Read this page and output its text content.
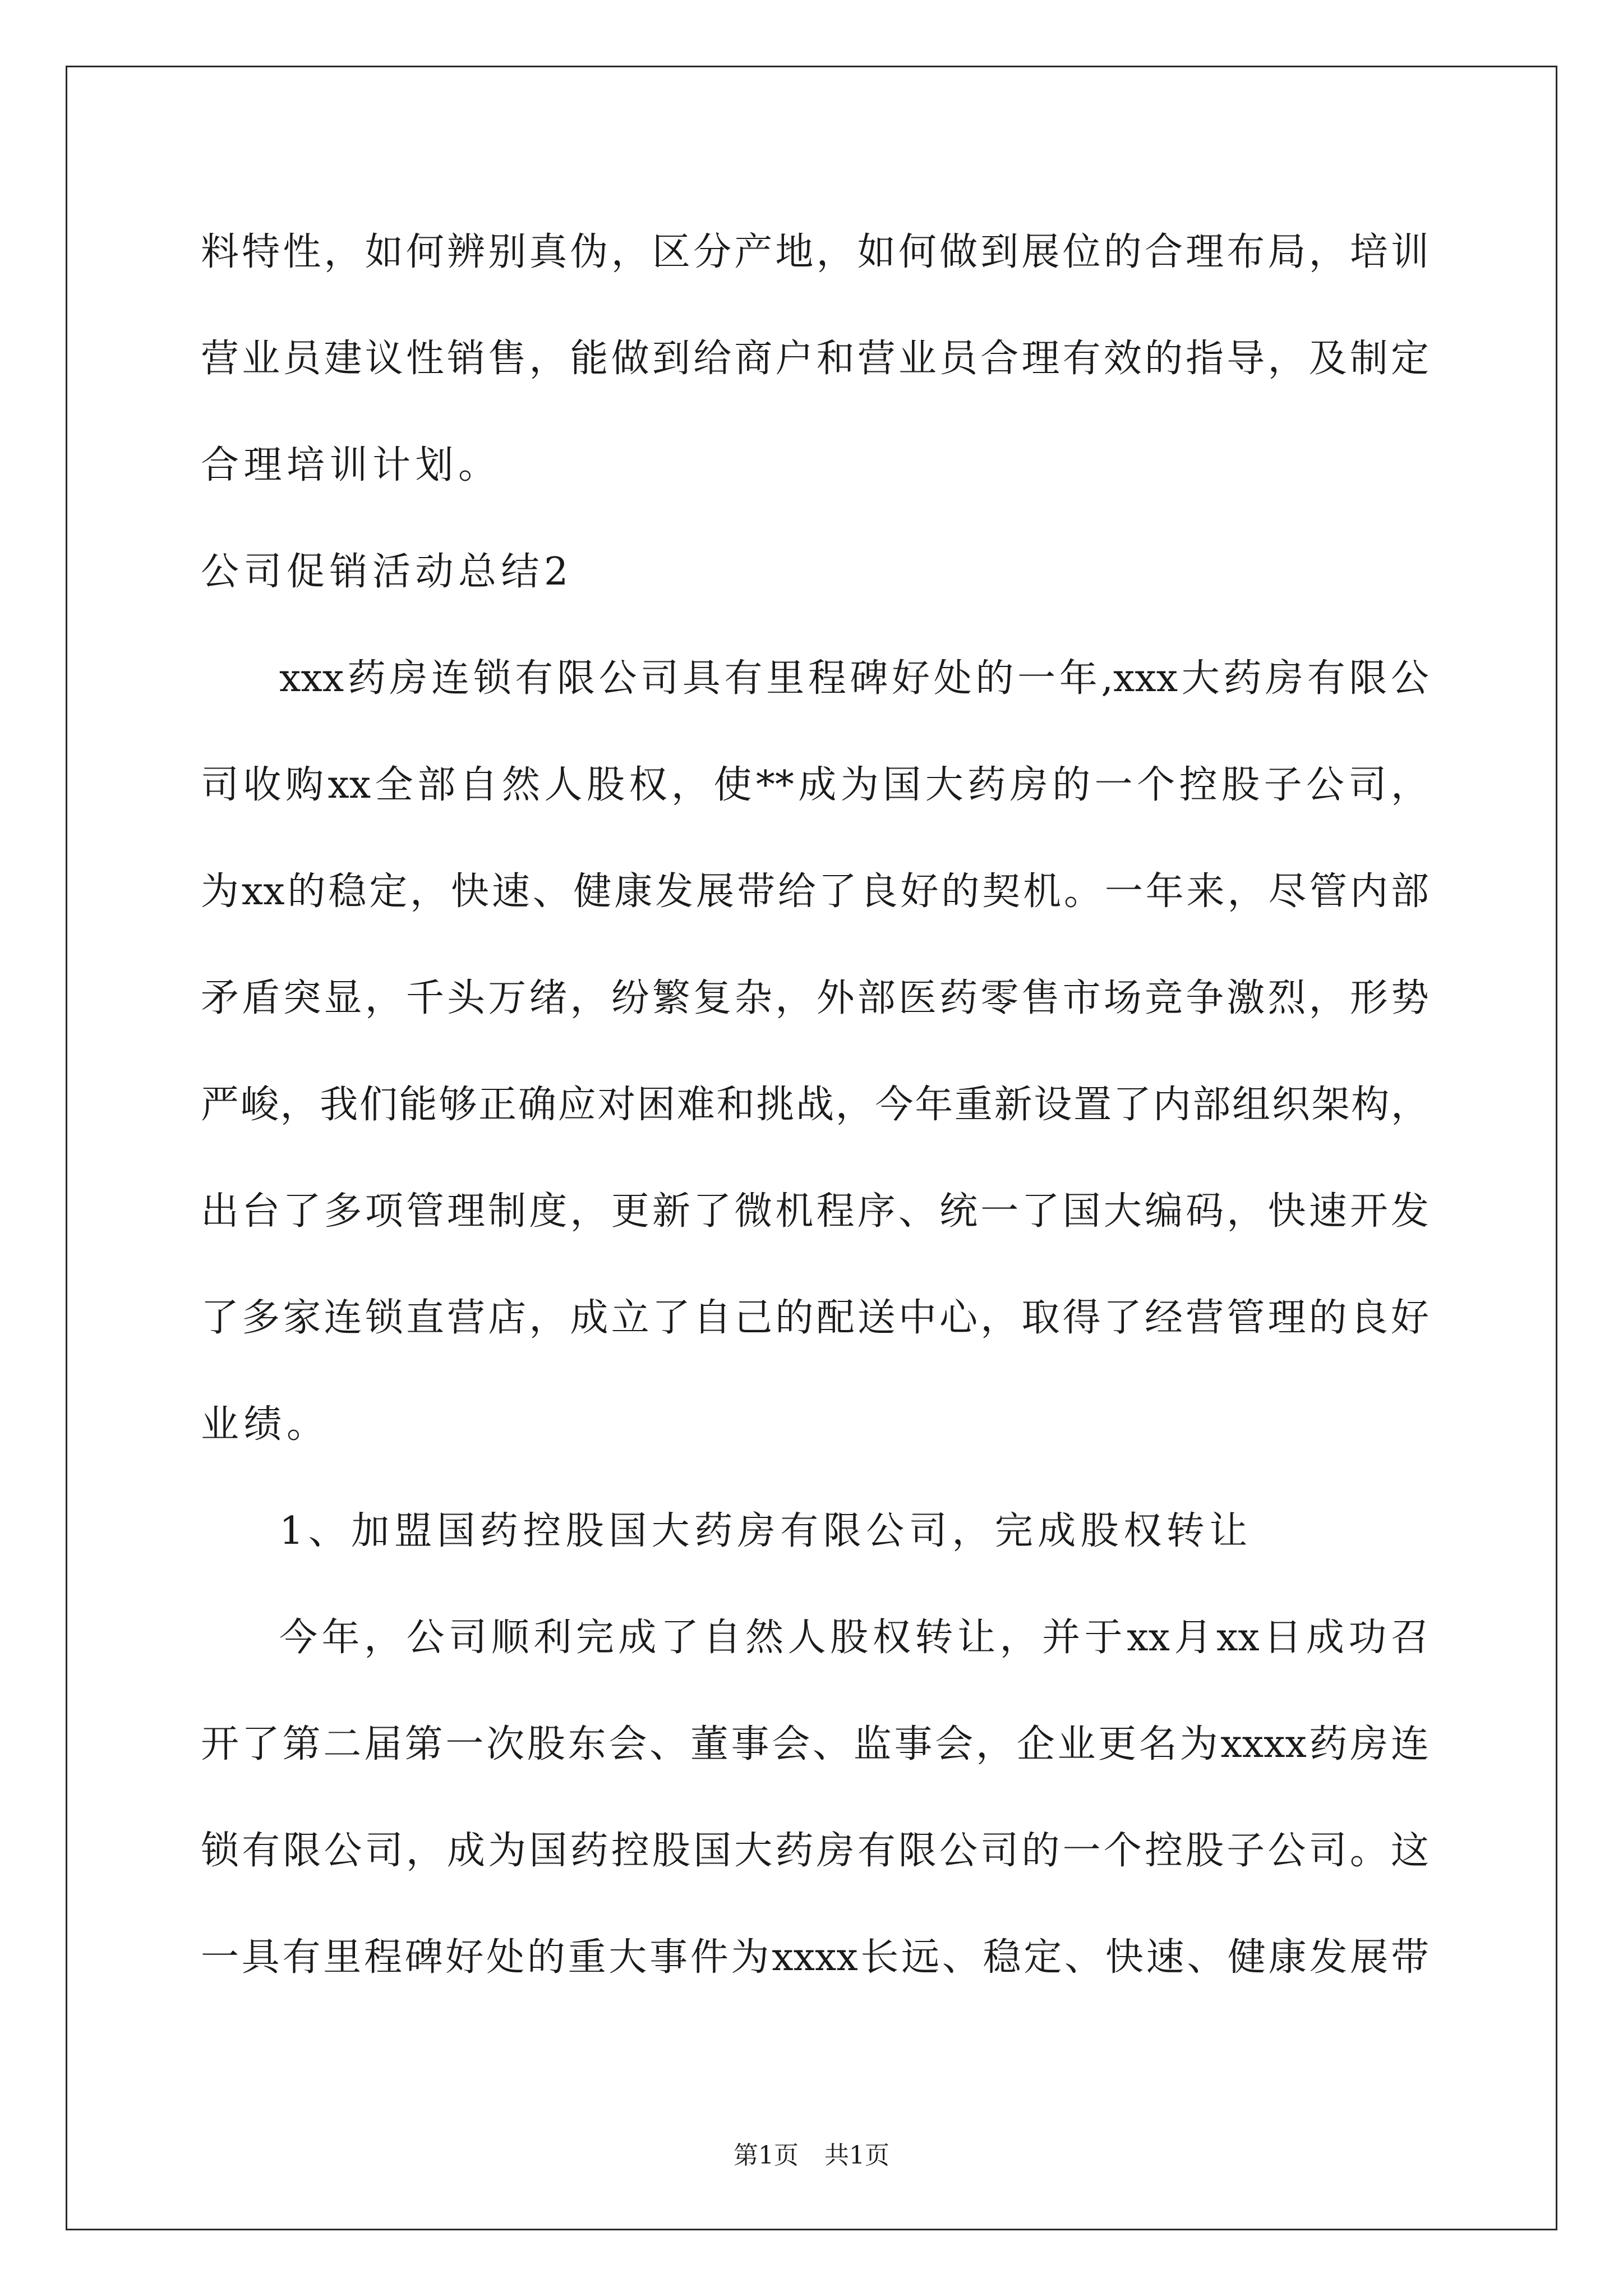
料特性，如何辨别真伪，区分产地，如何做到展位的合理布局，培训
营业员建议性销售，能做到给商户和营业员合理有效的指导，及制定
合理培训计划。
公司促销活动总结2
xxx药房连锁有限公司具有里程碑好处的一年,xxx大药房有限公
司收购xx全部自然人股权，使**成为国大药房的一个控股子公司，
为xx的稳定，快速、健康发展带给了良好的契机。一年来，尽管内部
矛盾突显，千头万绪，纷繁复杂，外部医药零售市场竞争激烈，形势
严峻，我们能够正确应对困难和挑战，今年重新设置了内部组织架构，
出台了多项管理制度，更新了微机程序、统一了国大编码，快速开发
了多家连锁直营店，成立了自己的配送中心，取得了经营管理的良好
业绩。
1、加盟国药控股国大药房有限公司，完成股权转让
今年，公司顺利完成了自然人股权转让，并于xx月xx日成功召
开了第二届第一次股东会、董事会、监事会，企业更名为xxxx药房连
锁有限公司，成为国药控股国大药房有限公司的一个控股子公司。这
一具有里程碑好处的重大事件为xxxx长远、稳定、快速、健康发展带
第1页 共1页
